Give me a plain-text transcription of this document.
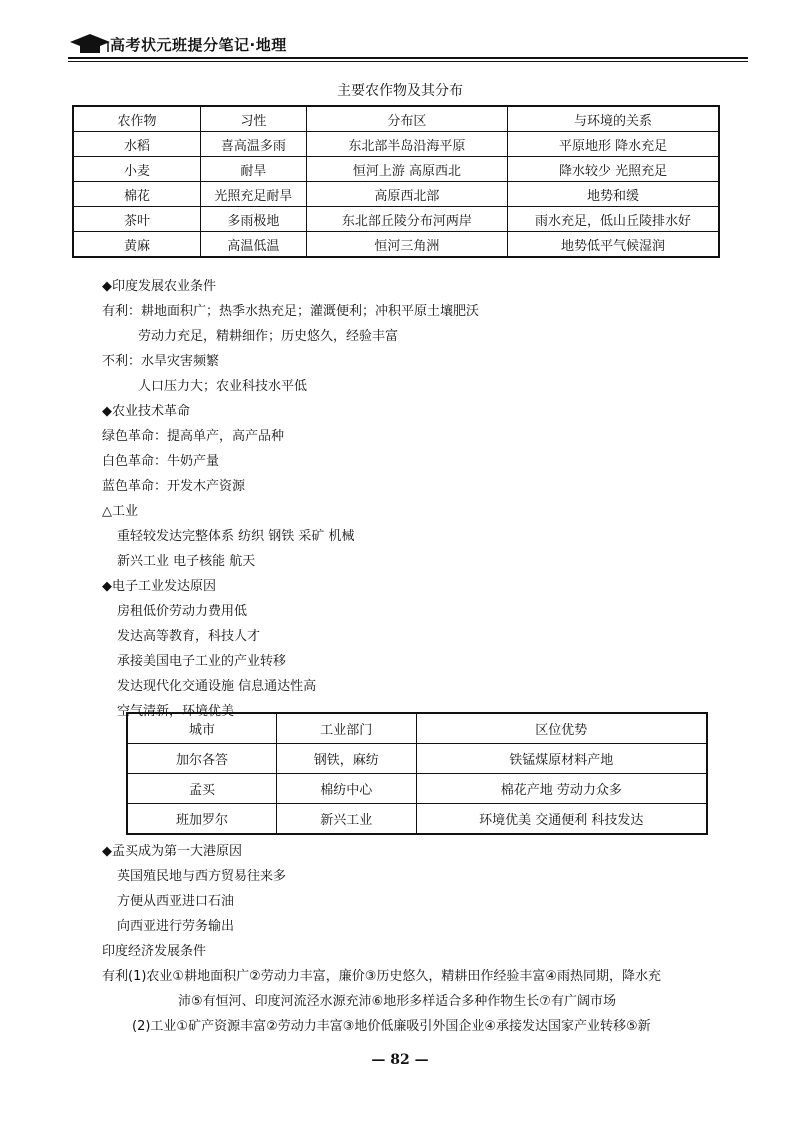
高考状元班提分笔记·地理
主要农作物及其分布
农作物	习性	分布区	与环境的关系
水稻	喜高温多雨	东北部半岛沿海平原	平原地形 降水充足
小麦	耐旱	恒河上游 高原西北	降水较少 光照充足
棉花	光照充足耐旱	高原西北部	地势和缓
茶叶	多雨极地	东北部丘陵分布河两岸	雨水充足，低山丘陵排水好
黄麻	高温低温	恒河三角洲	地势低平气候湿润
◆印度发展农业条件
有利：耕地面积广；热季水热充足；灌溉便利；冲积平原土壤肥沃
劳动力充足，精耕细作；历史悠久，经验丰富
不利：水旱灾害频繁
人口压力大；农业科技水平低
◆农业技术革命
绿色革命：提高单产，高产品种
白色革命：牛奶产量
蓝色革命：开发木产资源
△工业
重轻较发达完整体系 纺织 钢铁 采矿 机械
新兴工业 电子核能 航天
◆电子工业发达原因
房租低价劳动力费用低
发达高等教育，科技人才
承接美国电子工业的产业转移
发达现代化交通设施 信息通达性高
空气清新，环境优美
城市	工业部门	区位优势
加尔各答	钢铁，麻纺	铁锰煤原材料产地
孟买	棉纺中心	棉花产地 劳动力众多
班加罗尔	新兴工业	环境优美 交通便利 科技发达
◆孟买成为第一大港原因
英国殖民地与西方贸易往来多
方便从西亚进口石油
向西亚进行劳务输出
印度经济发展条件
有利(1)农业①耕地面积广②劳动力丰富，廉价③历史悠久，精耕田作经验丰富④雨热同期，降水充
沛⑤有恒河、印度河流泾水源充沛⑥地形多样适合多种作物生长⑦有广阔市场
(2)工业①矿产资源丰富②劳动力丰富③地价低廉吸引外国企业④承接发达国家产业转移⑤新
— 82 —
